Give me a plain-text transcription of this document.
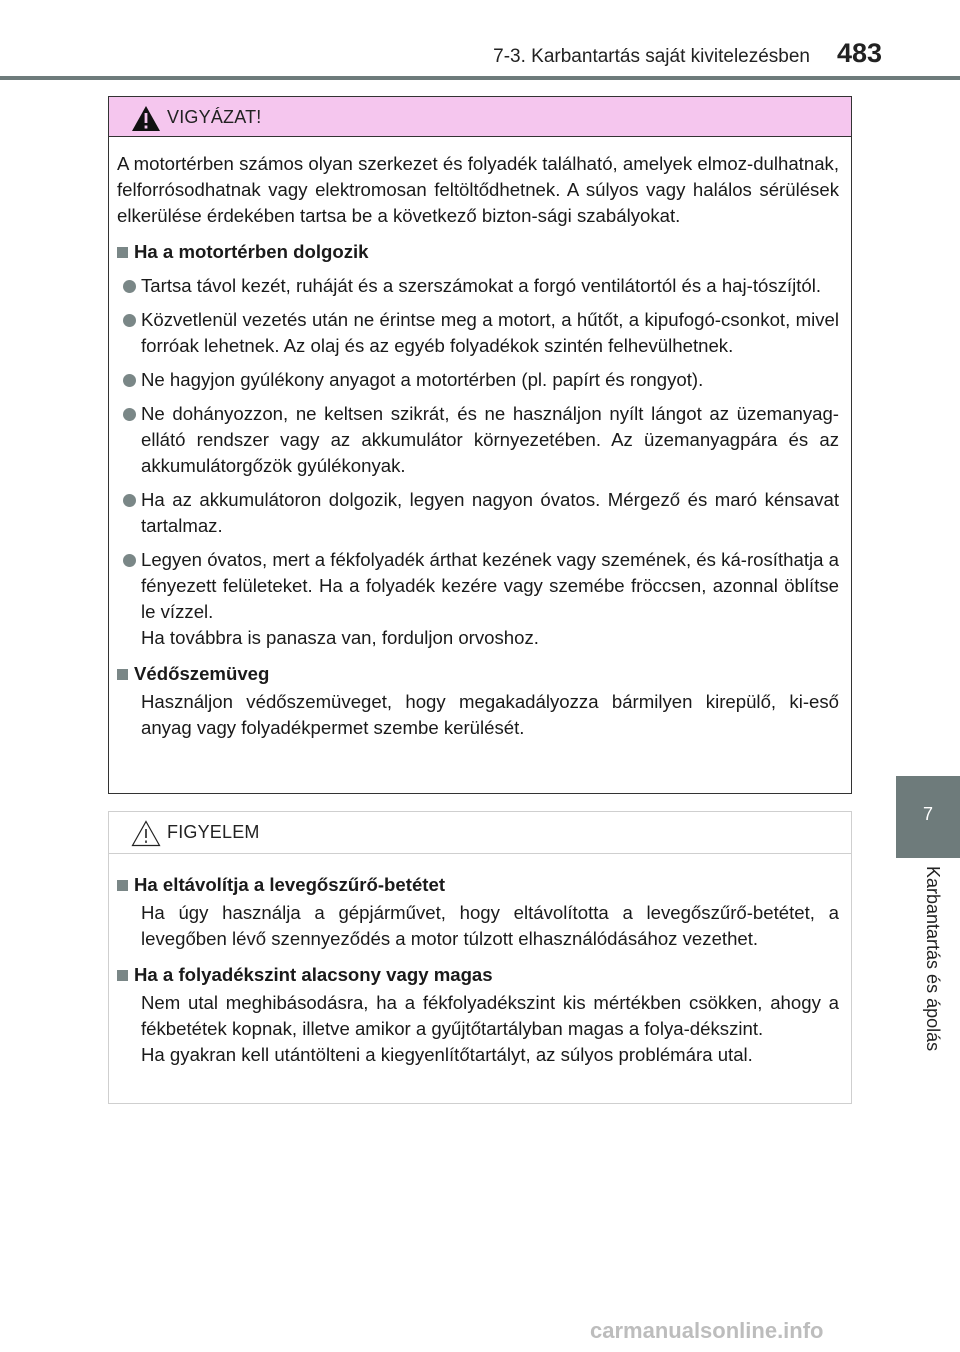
7-3. Karbantartás saját kivitelezésben 483
7
Karbantartás és ápolás
VIGYÁZAT!

A motortérben számos olyan szerkezet és folyadék található, amelyek elmoz-dulhatnak, felforrósodhatnak vagy elektromosan feltöltődhetnek. A súlyos vagy halálos sérülések elkerülése érdekében tartsa be a következő bizton-sági szabályokat.

Ha a motortérben dolgozik
Tartsa távol kezét, ruháját és a szerszámokat a forgó ventilátortól és a haj-tószíjtól.
Közvetlenül vezetés után ne érintse meg a motort, a hűtőt, a kipufogó-csonkot, mivel forróak lehetnek. Az olaj és az egyéb folyadékok szintén felhevülhetnek.
Ne hagyjon gyúlékony anyagot a motortérben (pl. papírt és rongyot).
Ne dohányozzon, ne keltsen szikrát, és ne használjon nyílt lángot az üzemanyag-ellátó rendszer vagy az akkumulátor környezetében. Az üzemanyagpára és az akkumulátorgőzök gyúlékonyak.
Ha az akkumulátoron dolgozik, legyen nagyon óvatos. Mérgező és maró kénsavat tartalmaz.
Legyen óvatos, mert a fékfolyadék árthat kezének vagy szemének, és ká-rosíthatja a fényezett felületeket. Ha a folyadék kezére vagy szemébe fröccsen, azonnal öblítse le vízzel.
Ha továbbra is panasza van, forduljon orvoshoz.
Védőszemüveg

Használjon védőszemüveget, hogy megakadályozza bármilyen kirepülő, ki-eső anyag vagy folyadékpermet szembe kerülését.

FIGYELEM
Ha eltávolítja a levegőszűrő-betétet

Ha úgy használja a gépjárművet, hogy eltávolította a levegőszűrő-betétet, a levegőben lévő szennyeződés a motor túlzott elhasználódásához vezethet.

Ha a folyadékszint alacsony vagy magas

Nem utal meghibásodásra, ha a fékfolyadékszint kis mértékben csökken, ahogy a fékbetétek kopnak, illetve amikor a gyűjtőtartályban magas a folya-dékszint.
Ha gyakran kell utántölteni a kiegyenlítőtartályt, az súlyos problémára utal.

carmanualsonline.info
